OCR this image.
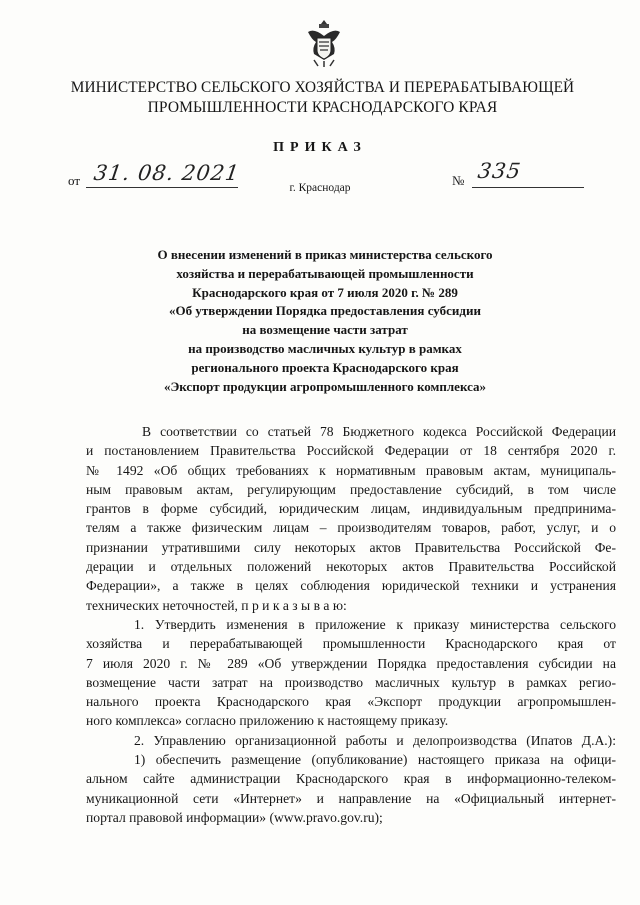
МИНИСТЕРСТВО СЕЛЬСКОГО ХОЗЯЙСТВА И ПЕРЕРАБАТЫВАЮЩЕЙ
ПРОМЫШЛЕННОСТИ КРАСНОДАРСКОГО КРАЯ
ПРИКАЗ
от 31. 08. 2021	№ 335
г. Краснодар
О внесении изменений в приказ министерства сельского
хозяйства и перерабатывающей промышленности
Краснодарского края от 7 июля 2020 г. № 289
«Об утверждении Порядка предоставления субсидии
на возмещение части затрат
на производство масличных культур в рамках
регионального проекта Краснодарского края
«Экспорт продукции агропромышленного комплекса»
В соответствии со статьей 78 Бюджетного кодекса Российской Федерации
и постановлением Правительства Российской Федерации от 18 сентября 2020 г.
№ 1492 «Об общих требованиях к нормативным правовым актам, муниципаль-
ным правовым актам, регулирующим предоставление субсидий, в том числе
грантов в форме субсидий, юридическим лицам, индивидуальным предпринима-
телям а также физическим лицам – производителям товаров, работ, услуг, и о
признании утратившими силу некоторых актов Правительства Российской Фе-
дерации и отдельных положений некоторых актов Правительства Российской
Федерации», а также в целях соблюдения юридической техники и устранения
технических неточностей, п р и к а з ы в а ю:
1. Утвердить изменения в приложение к приказу министерства сельского
хозяйства и перерабатывающей промышленности Краснодарского края от
7 июля 2020 г. № 289 «Об утверждении Порядка предоставления субсидии на
возмещение части затрат на производство масличных культур в рамках регио-
нального проекта Краснодарского края «Экспорт продукции агропромышлен-
ного комплекса» согласно приложению к настоящему приказу.
2. Управлению организационной работы и делопроизводства (Ипатов Д.А.):
1) обеспечить размещение (опубликование) настоящего приказа на офици-
альном сайте администрации Краснодарского края в информационно-телеком-
муникационной сети «Интернет» и направление на «Официальный интернет-
портал правовой информации» (www.pravo.gov.ru);
